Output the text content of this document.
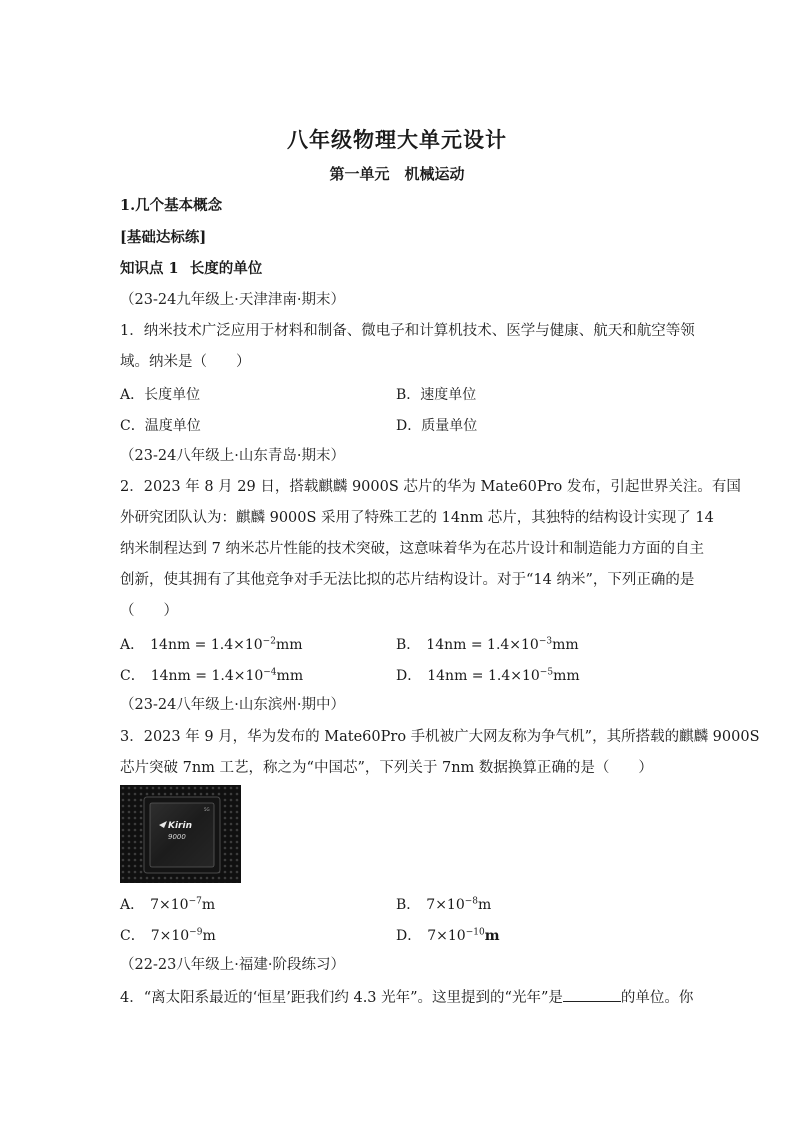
八年级物理大单元设计
第一单元　机械运动
1.几个基本概念
[基础达标练]
知识点 1 长度的单位
（23-24九年级上·天津津南·期末）
1．纳米技术广泛应用于材料和制备、微电子和计算机技术、医学与健康、航天和航空等领
域。纳米是（　　）
A．长度单位	B．速度单位
C．温度单位	D．质量单位
（23-24八年级上·山东青岛·期末）
2．2023 年 8 月 29 日，搭载麒麟 9000S 芯片的华为 Mate60Pro 发布，引起世界关注。有国
外研究团队认为：麒麟 9000S 采用了特殊工艺的 14nm 芯片，其独特的结构设计实现了 14
纳米制程达到 7 纳米芯片性能的技术突破，这意味着华为在芯片设计和制造能力方面的自主
创新，使其拥有了其他竞争对手无法比拟的芯片结构设计。对于“14 纳米”，下列正确的是
（　　）
A． $14nm = 1.4\times 10^{-2}mm$	B． $14nm = 1.4\times 10^{-3}mm$
C． $14nm = 1.4\times 10^{-4}mm$	D． $14nm = 1.4\times 10^{-5}mm$
（23-24八年级上·山东滨州·期中）
3．2023 年 9 月，华为发布的 Mate60Pro 手机被广大网友称为争气机”，其所搭载的麒麟 9000S
芯片突破 7nm 工艺，称之为“中国芯”，下列关于 7nm 数据换算正确的是（　　）
Kirin
9000
5G
A． $7\times 10^{-7}m$	B． $7\times 10^{-8}m$
C． $7\times 10^{-9}m$	D． $7\times 10^{-10}m$
（22-23八年级上·福建·阶段练习）
4．“离太阳系最近的‘恒星’距我们约 4.3 光年”。这里提到的“光年”是	的单位。你
